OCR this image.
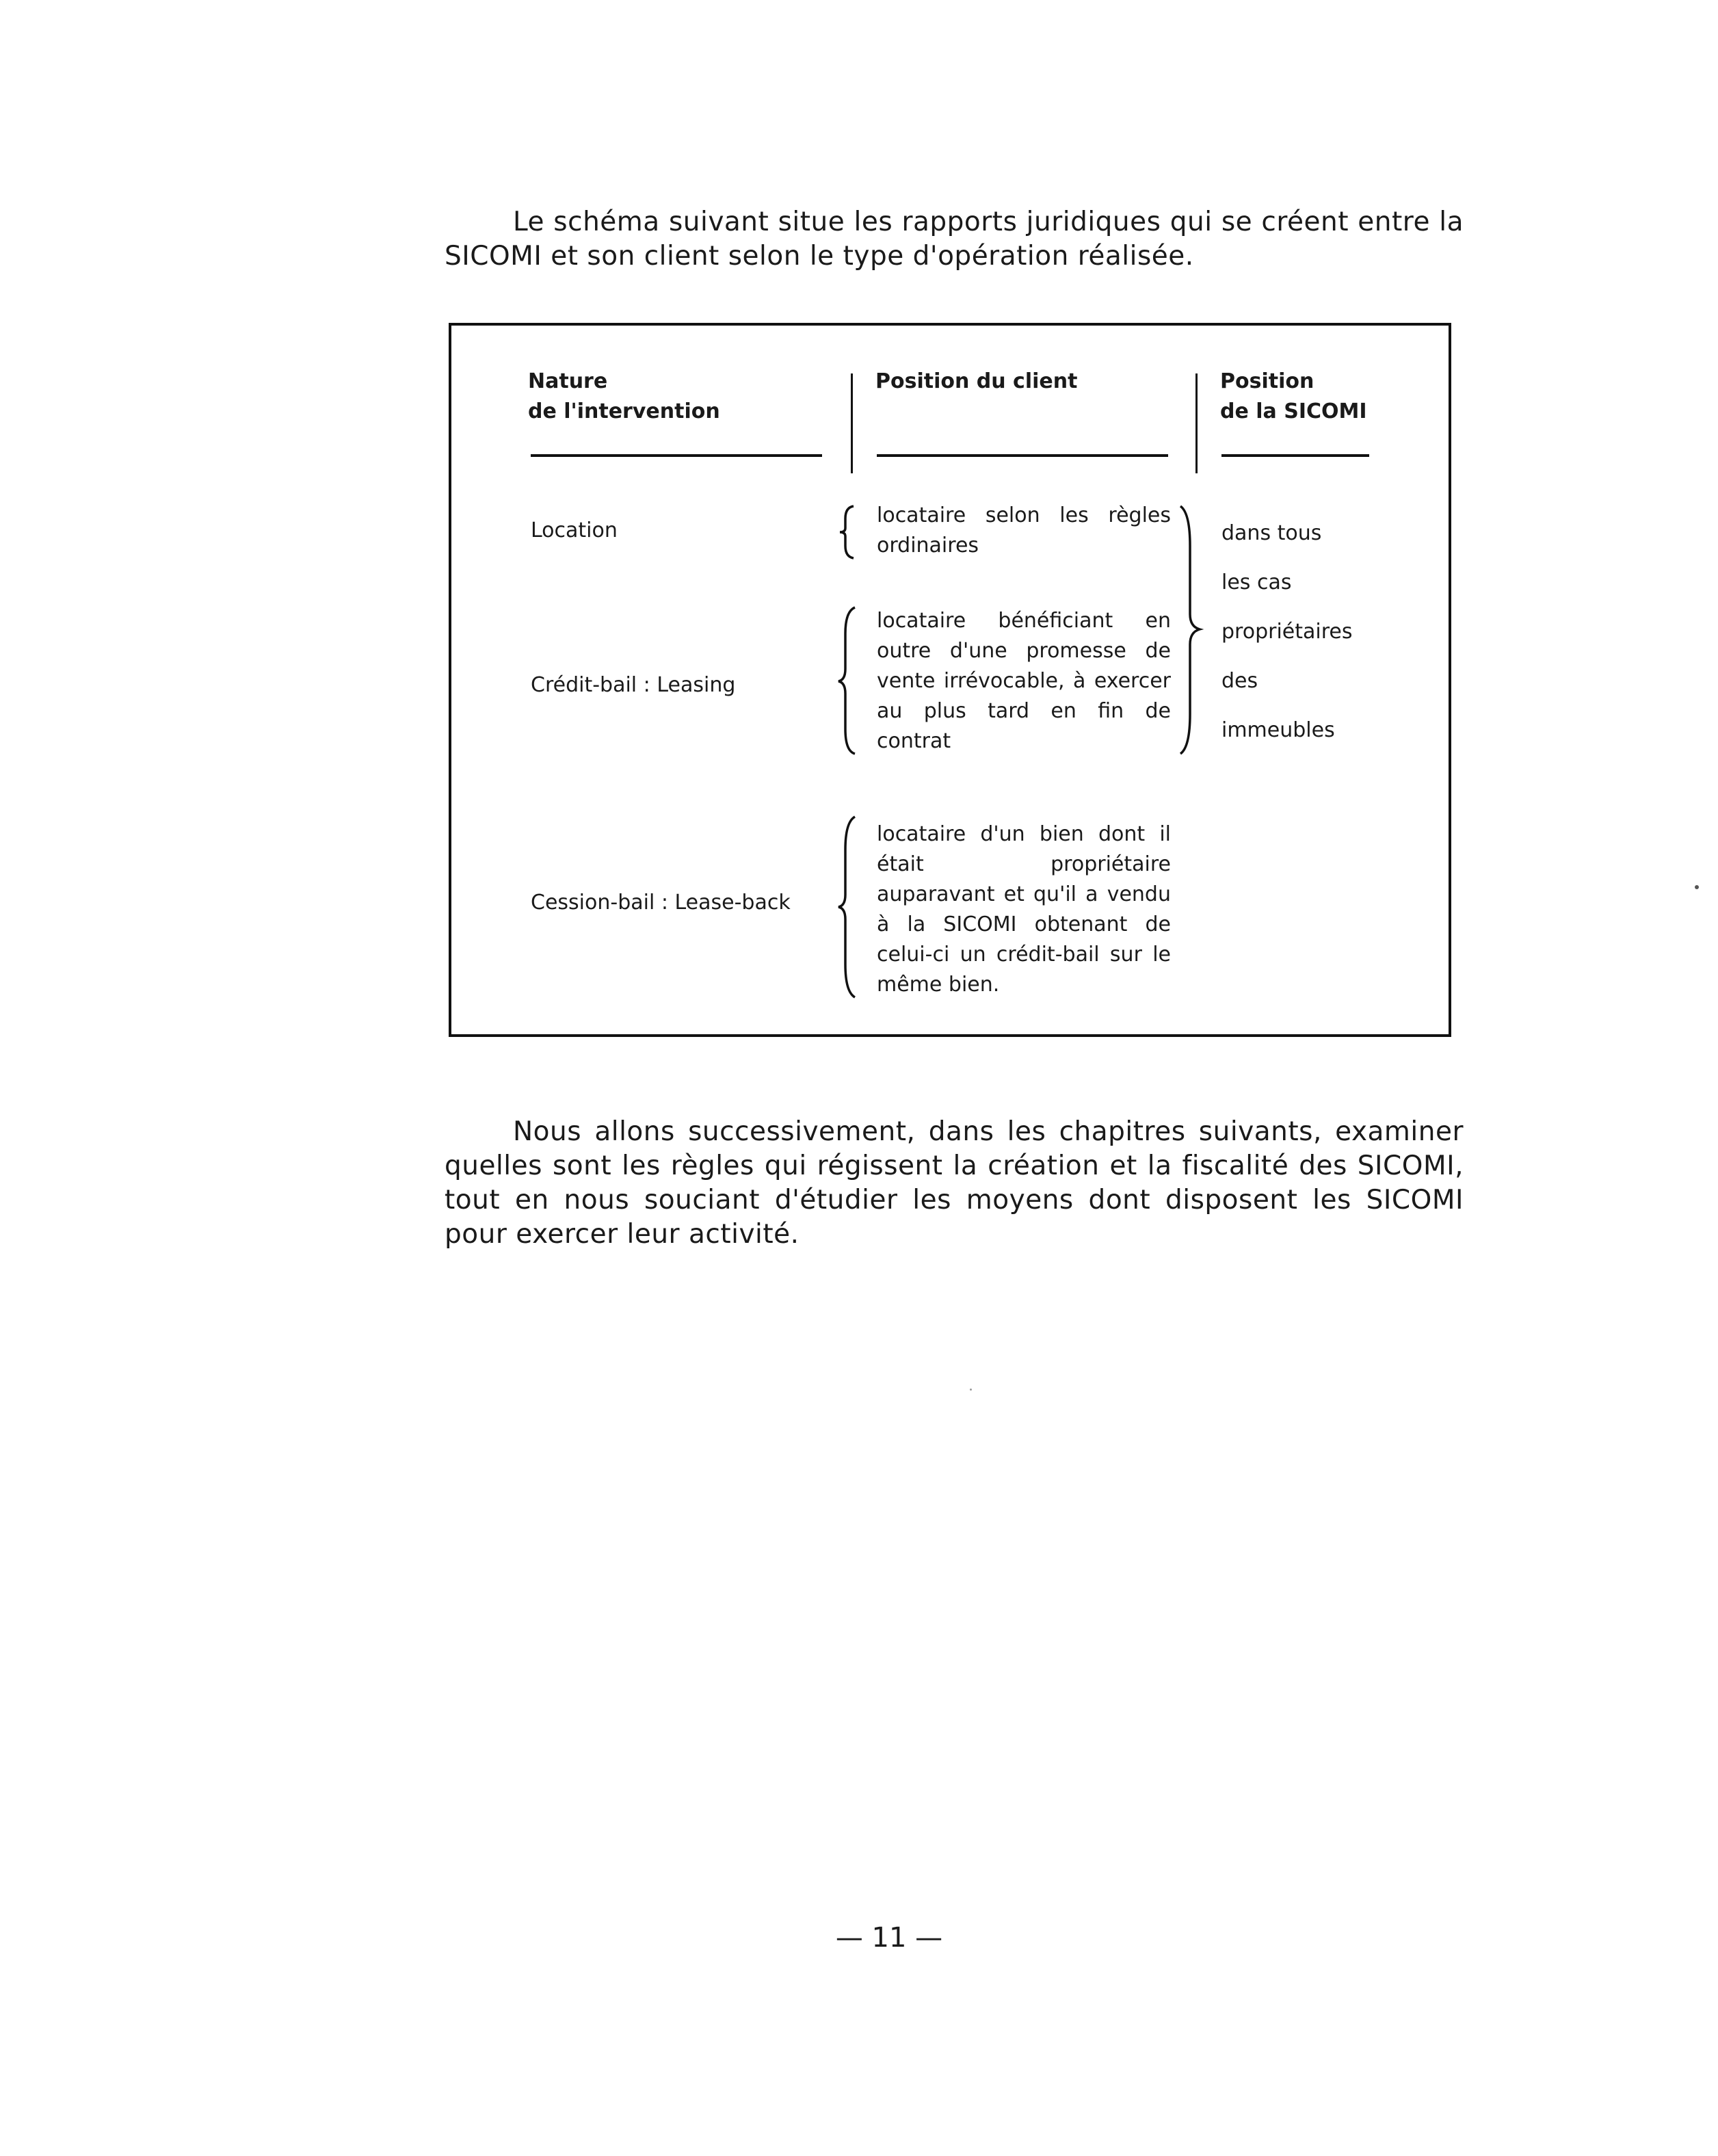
Le schéma suivant situe les rapports juridiques qui se créent entre la SICOMI et son client selon le type d'opération réalisée.

Nature
de l'intervention
Position du client	Position
de la SICOMI
Location
locataire selon les règles ordinaires
Crédit-bail : Leasing
locataire bénéficiant en outre d'une promesse de vente irrévocable, à exercer au plus tard en fin de contrat
dans tous
les cas
propriétaires
des
immeubles
Cession-bail : Lease-back
locataire d'un bien dont il était propriétaire auparavant et qu'il a vendu à la SICOMI obtenant de celui-ci un crédit-bail sur le même bien.

Nous allons successivement, dans les chapitres suivants, examiner quelles sont les règles qui régissent la création et la fiscalité des SICOMI, tout en nous souciant d'étudier les moyens dont disposent les SICOMI pour exercer leur activité.

— 11 —
